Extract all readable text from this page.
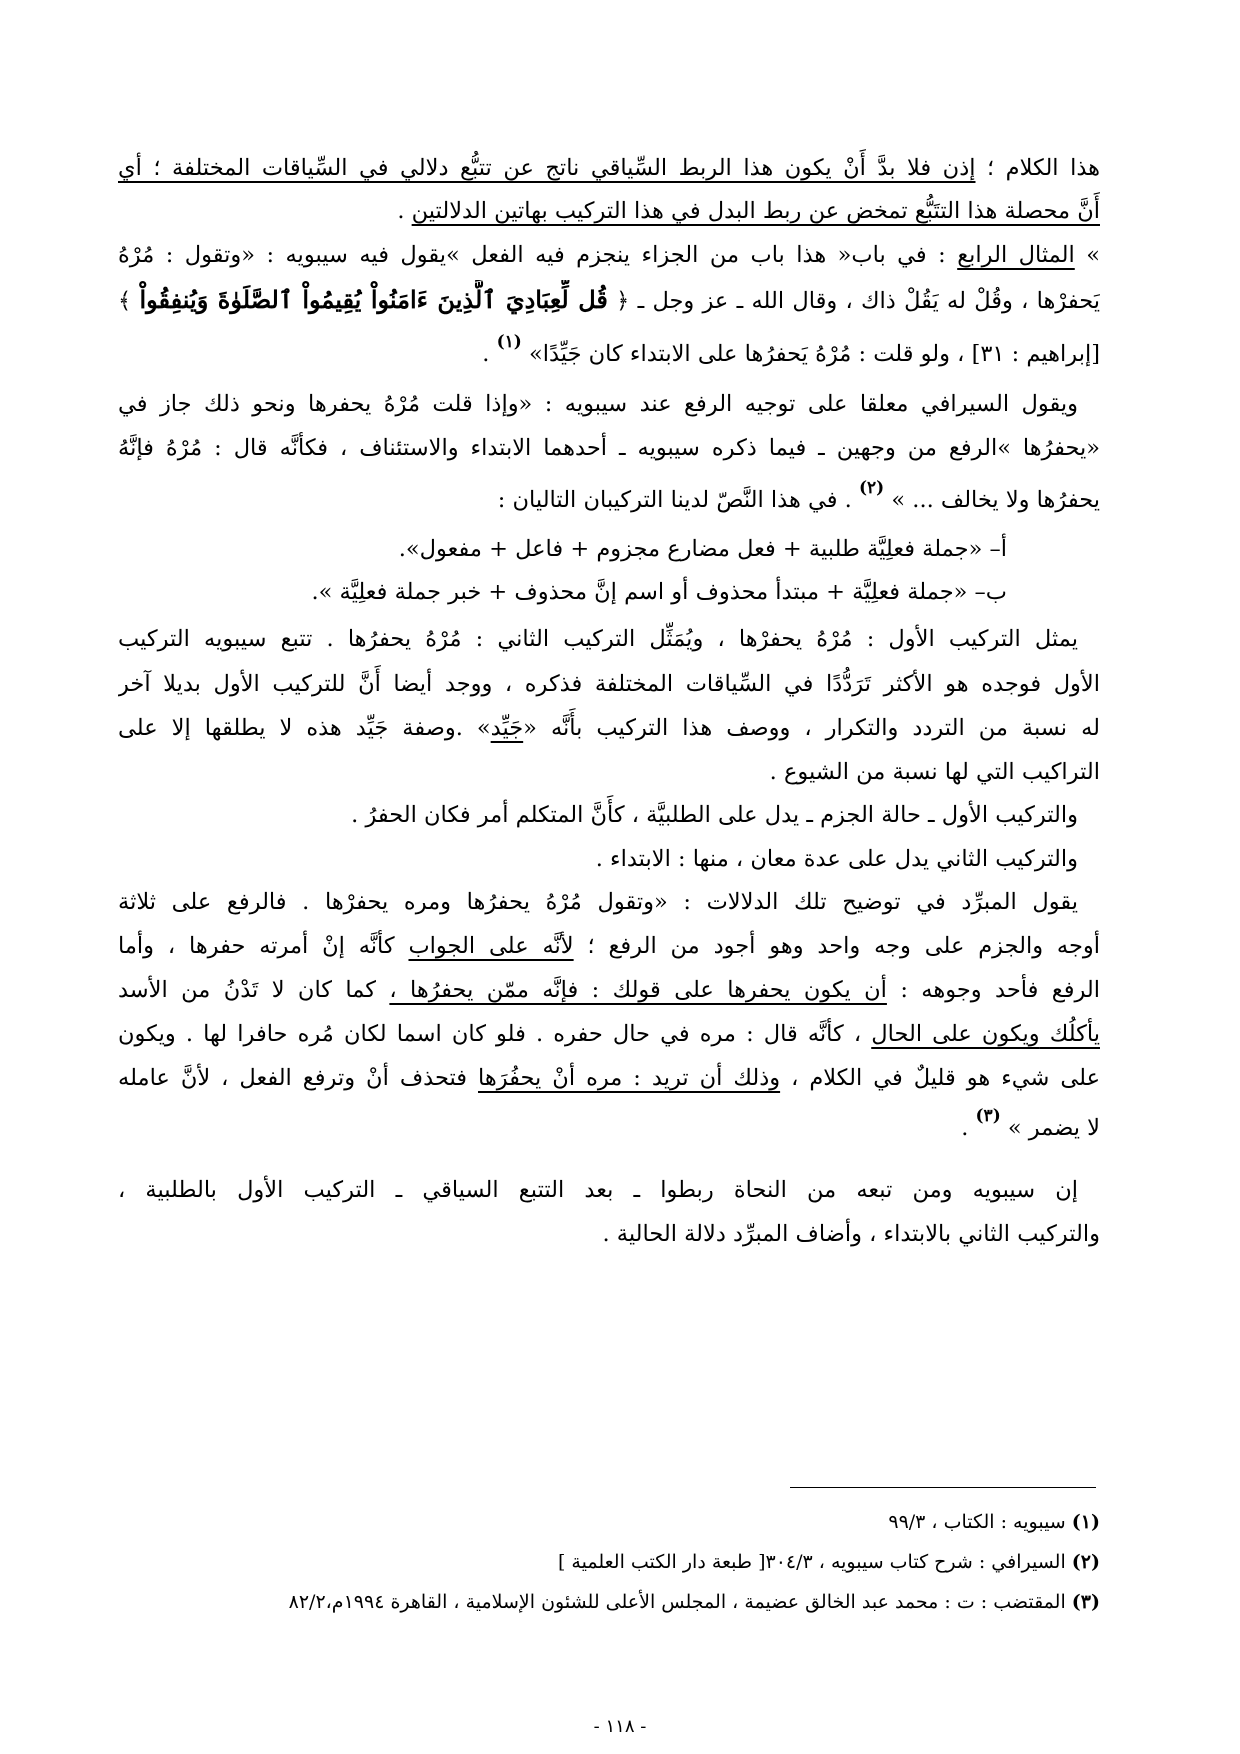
هذا الكلام ؛ إذن فلا بدَّ أَنْ يكون هذا الربط السِّياقي ناتج عن تتبُّع دلالي في السِّياقات المختلفة ؛ أي
أَنَّ محصلة هذا التتَبُّع تمخض عن ربط البدل في هذا التركيب بهاتين الدلالتين .
» المثال الرابع : في باب« هذا باب من الجزاء ينجزم فيه الفعل »يقول فيه سيبويه : «وتقول : مُرْهُ
يَحفرْها ، وقُلْ له يَقُلْ ذاك ، وقال الله ـ عز وجل ـ ﴿ قُل لِّعِبَادِيَ ٱلَّذِينَ ءَامَنُواْ يُقِيمُواْ ٱلصَّلَوٰةَ وَيُنفِقُواْ ﴾
[إبراهيم : ٣١] ، ولو قلت : مُرْهُ يَحفرُها على الابتداء كان جَيِّدًا» $^{(١)}$ .
ويقول السيرافي معلقا على توجيه الرفع عند سيبويه : «وإذا قلت مُرْهُ يحفرها ونحو ذلك جاز في
«يحفرُها »الرفع من وجهين ـ فيما ذكره سيبويه ـ أحدهما الابتداء والاستئناف ، فكأنَّه قال : مُرْهُ فإنَّهُ
يحفرُها ولا يخالف ... » $^{(٢)}$ . في هذا النَّصّ لدينا التركيبان التاليان :
أ– «جملة فعلِيَّة طلبية + فعل مضارع مجزوم + فاعل + مفعول».
ب– «جملة فعلِيَّة + مبتدأ محذوف أو اسم إنَّ محذوف + خبر جملة فعلِيَّة ».
يمثل التركيب الأول : مُرْهُ يحفرْها ، ويُمَثِّل التركيب الثاني : مُرْهُ يحفرُها . تتبع سيبويه التركيب
الأول فوجده هو الأكثر تَرَدُّدًا في السِّياقات المختلفة فذكره ، ووجد أيضا أَنَّ للتركيب الأول بديلا آخر
له نسبة من التردد والتكرار ، ووصف هذا التركيب بأَنَّه «جَيِّد» .وصفة جَيِّد هذه لا يطلقها إلا على
التراكيب التي لها نسبة من الشيوع .
والتركيب الأول ـ حالة الجزم ـ يدل على الطلبيَّة ، كأَنَّ المتكلم أمر فكان الحفرُ .
والتركيب الثاني يدل على عدة معان ، منها : الابتداء .
يقول المبرِّد في توضيح تلك الدلالات : «وتقول مُرْهُ يحفرُها ومره يحفرْها . فالرفع على ثلاثة
أوجه والجزم على وجه واحد وهو أجود من الرفع ؛ لأنَّه على الجواب كأنَّه إنْ أمرته حفرها ، وأما
الرفع فأحد وجوهه : أن يكون يحفرها على قولك : فإنَّه ممّن يحفرُها ، كما كان لا تَدْنُ من الأسد
يأكلُك ويكون على الحال ، كأنَّه قال : مره في حال حفره . فلو كان اسما لكان مُره حافرا لها . ويكون
على شيء هو قليلٌ في الكلام ، وذلك أن تريد : مره أنْ يحفُرَها فتحذف أنْ وترفع الفعل ، لأنَّ عامله
لا يضمر » $^{(٣)}$ .
إن سيبويه ومن تبعه من النحاة ربطوا ـ بعد التتبع السياقي ـ التركيب الأول بالطلبية ،
والتركيب الثاني بالابتداء ، وأضاف المبرِّد دلالة الحالية .
(١) سيبويه : الكتاب ، ٩٩/٣
(٢) السيرافي : شرح كتاب سيبويه ، ٣٠٤/٣[ طبعة دار الكتب العلمية ]
(٣) المقتضب : ت : محمد عبد الخالق عضيمة ، المجلس الأعلى للشئون الإسلامية ، القاهرة ١٩٩٤م،٨٢/٢
- ١١٨ -
